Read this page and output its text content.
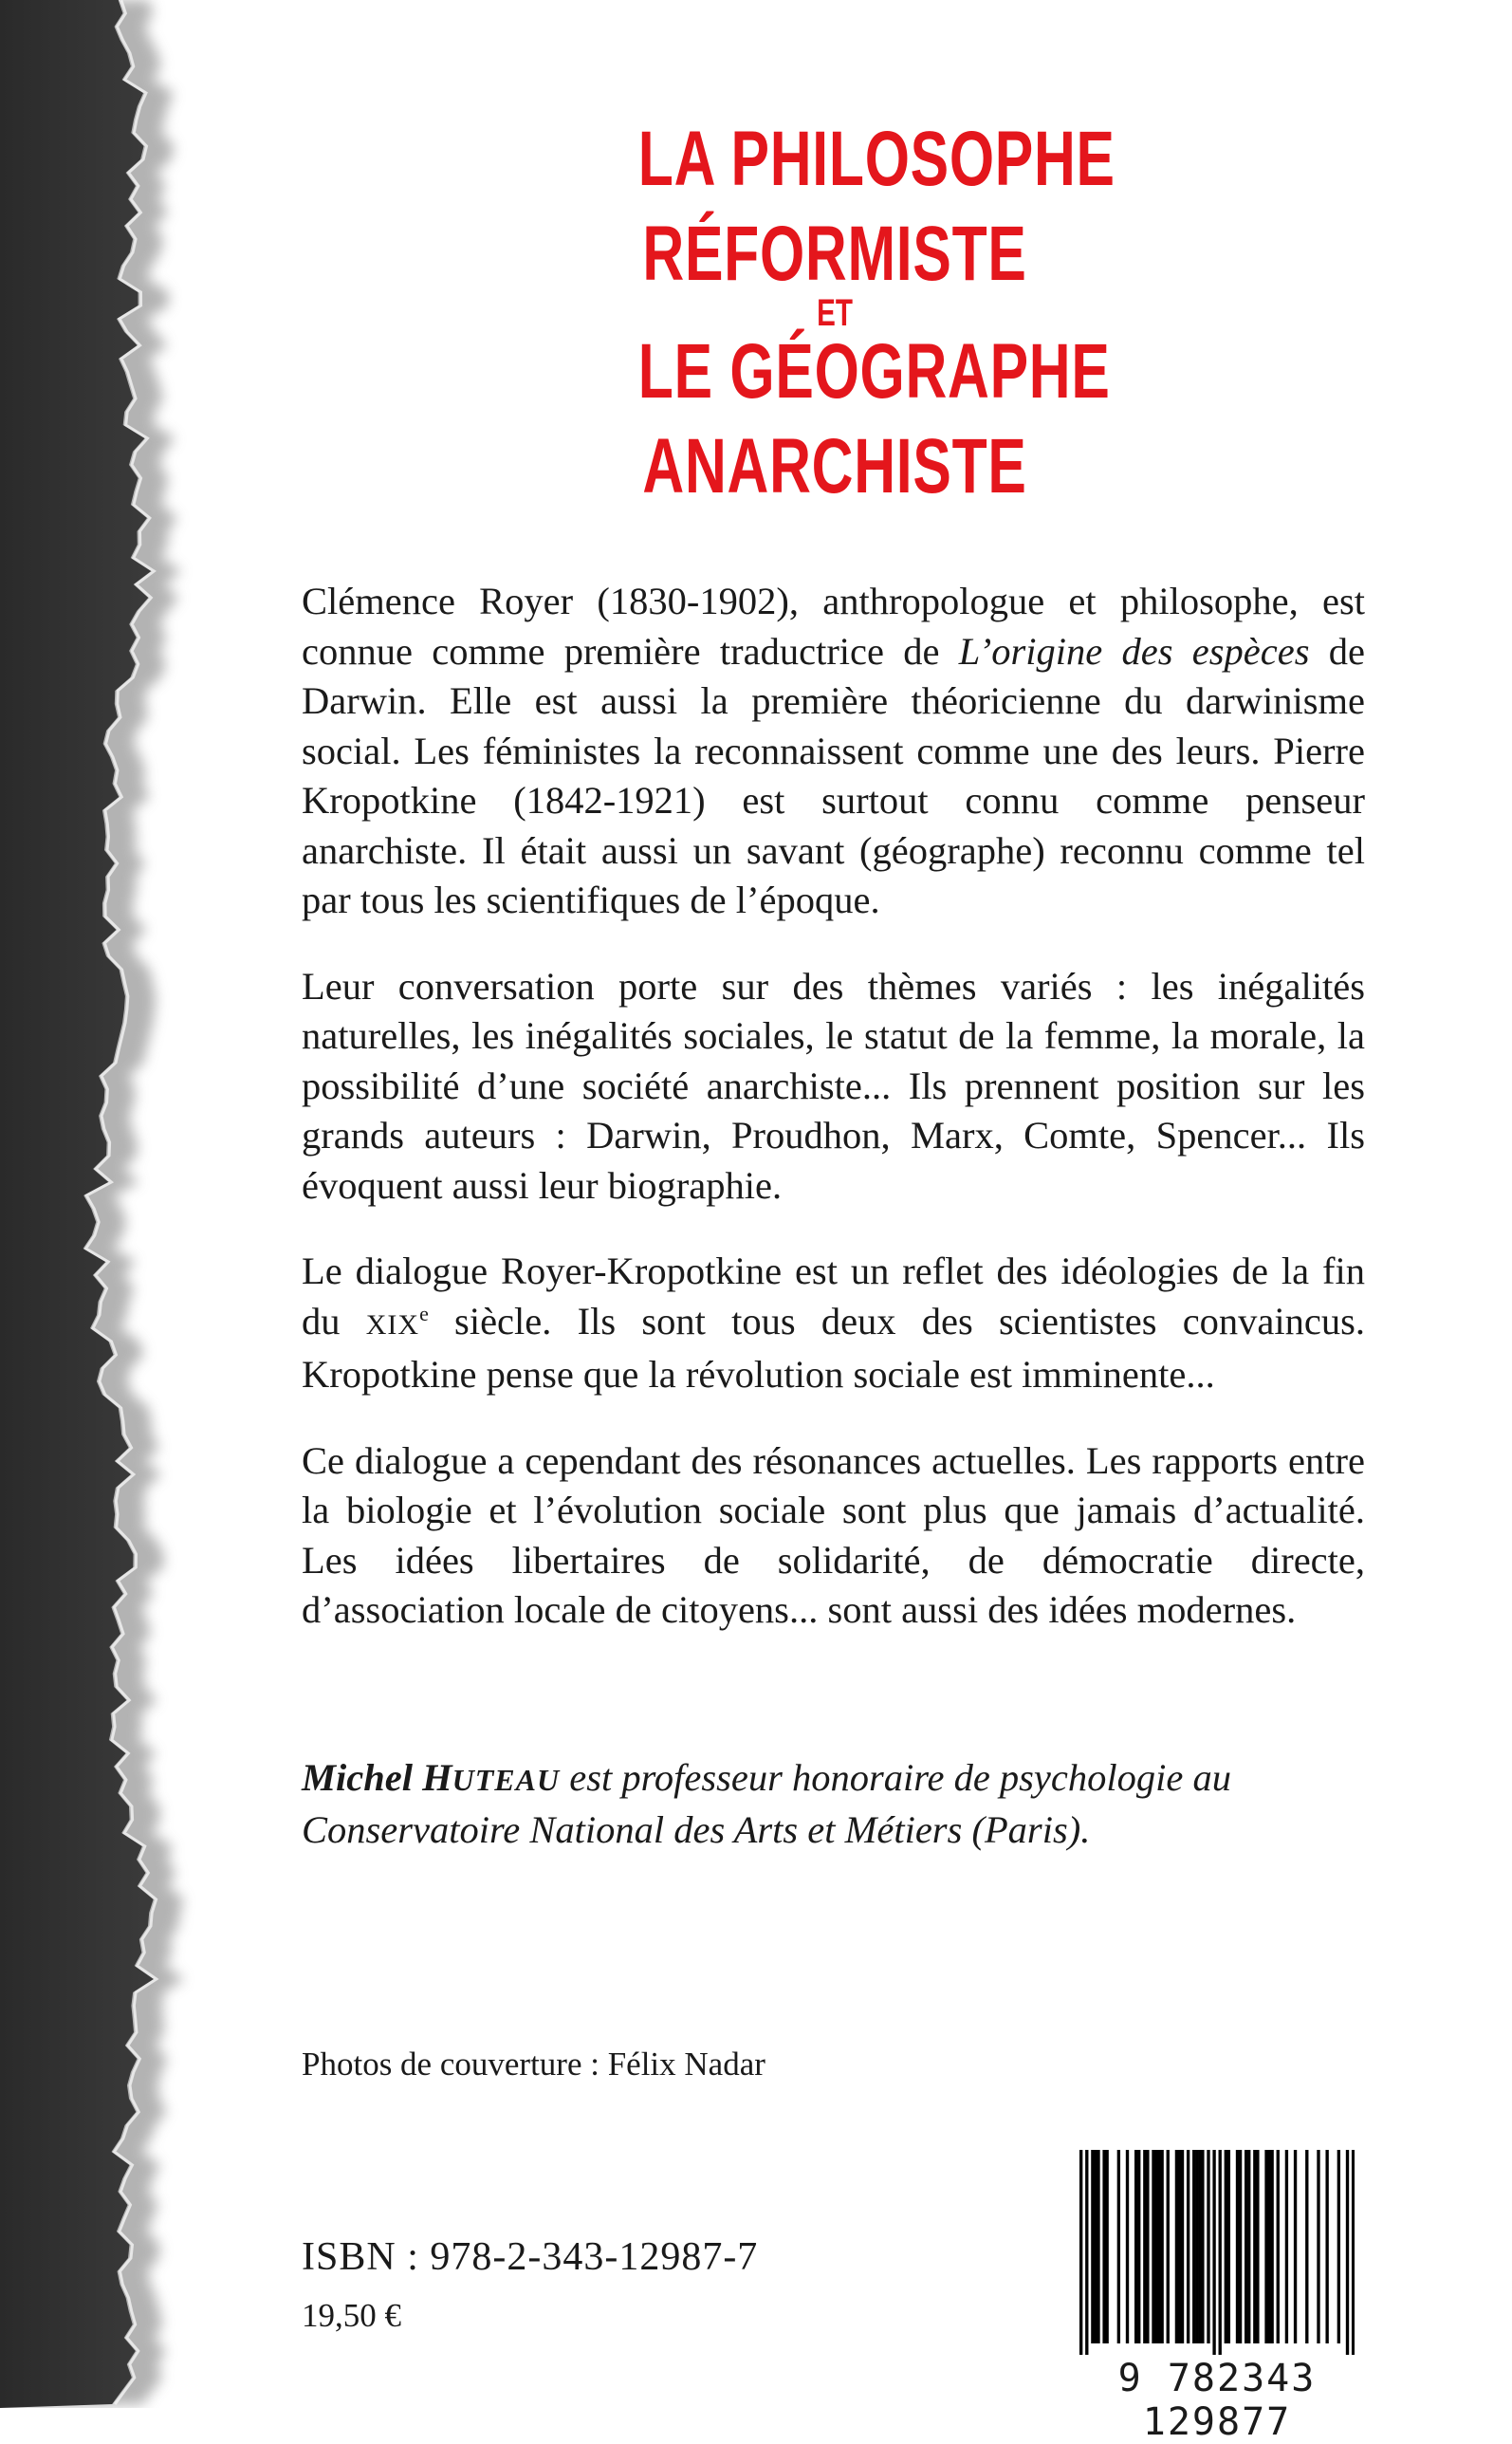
LA PHILOSOPHE
RÉFORMISTE
ET
LE GÉOGRAPHE
ANARCHISTE

Clémence Royer (1830-1902), anthropologue et philosophe, est connue comme première traductrice de L’origine des espèces de Darwin. Elle est aussi la première théoricienne du darwinisme social. Les féministes la reconnaissent comme une des leurs. Pierre Kropotkine (1842-1921) est surtout connu comme penseur anarchiste. Il était aussi un savant (géographe) reconnu comme tel par tous les scientifiques de l’époque.

Leur conversation porte sur des thèmes variés : les inégalités naturelles, les inégalités sociales, le statut de la femme, la morale, la possibilité d’une société anarchiste... Ils prennent position sur les grands auteurs : Darwin, Proudhon, Marx, Comte, Spencer... Ils évoquent aussi leur biographie.

Le dialogue Royer-Kropotkine est un reflet des idéologies de la fin du XIXe siècle. Ils sont tous deux des scientistes convaincus. Kropotkine pense que la révolution sociale est imminente...

Ce dialogue a cependant des résonances actuelles. Les rapports entre la biologie et l’évolution sociale sont plus que jamais d’actualité. Les idées libertaires de solidarité, de démocratie directe, d’association locale de citoyens... sont aussi des idées modernes.

Michel HUTEAU est professeur honoraire de psychologie au Conservatoire National des Arts et Métiers (Paris).
Photos de couverture : Félix Nadar
ISBN : 978-2-343-12987-7
19,50 €
9 782343 129877
